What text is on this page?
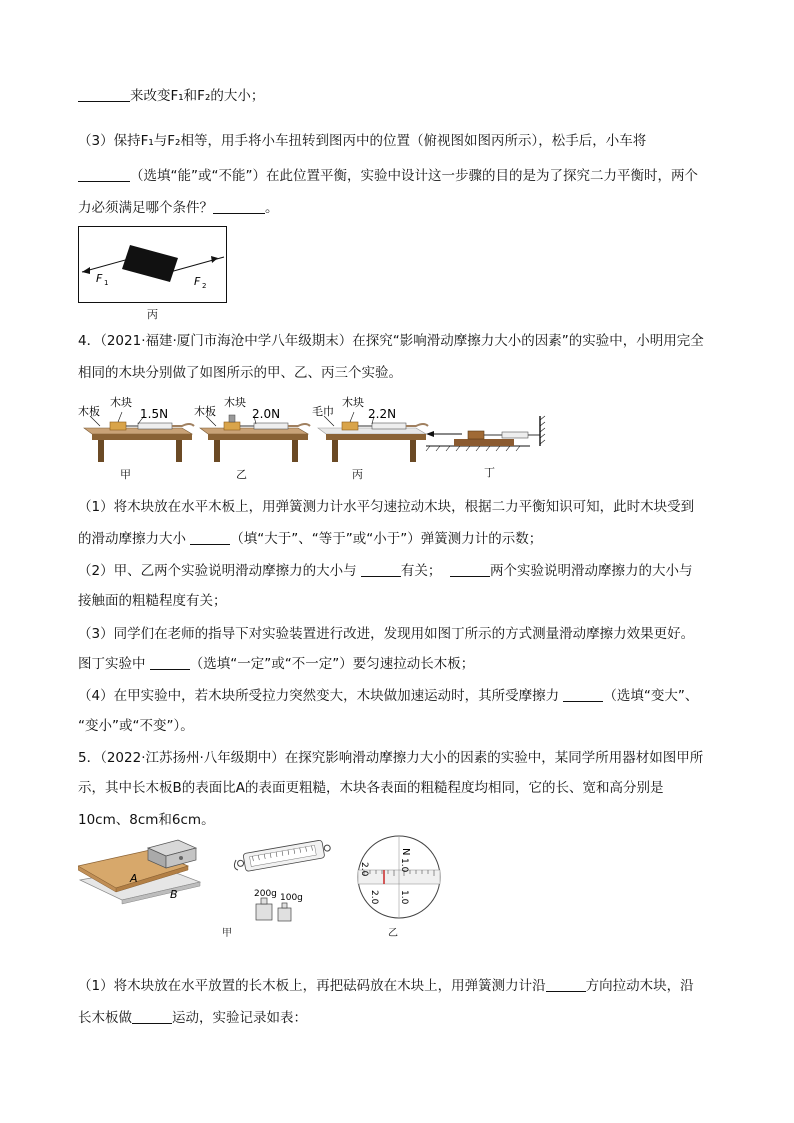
来改变F₁和F₂的大小；
（3）保持F₁与F₂相等，用手将小车扭转到图丙中的位置（俯视图如图丙所示），松手后，小车将
（选填“能”或“不能”）在此位置平衡，实验中设计这一步骤的目的是为了探究二力平衡时，两个
力必须满足哪个条件？	。
F 1	F 2
丙
4．（2021·福建·厦门市海沧中学八年级期末）在探究“影响滑动摩擦力大小的因素”的实验中，小明用完全
相同的木块分别做了如图所示的甲、乙、丙三个实验。
木板
木块
1.5N
甲
木板
木块
2.0N
乙
毛巾
木块
2.2N
丙	丁
（1）将木块放在水平木板上，用弹簧测力计水平匀速拉动木块，根据二力平衡知识可知，此时木块受到
的滑动摩擦力大小	（填“大于”、“等于”或“小于”）弹簧测力计的示数；
（2）甲、乙两个实验说明滑动摩擦力的大小与	有关；	两个实验说明滑动摩擦力的大小与
接触面的粗糙程度有关；
（3）同学们在老师的指导下对实验装置进行改进，发现用如图丁所示的方式测量滑动摩擦力效果更好。
图丁实验中	（选填“一定”或“不一定”）要匀速拉动长木板；
（4）在甲实验中，若木块所受拉力突然变大，木块做加速运动时，其所受摩擦力	（选填“变大”、
“变小”或“不变”）。
5．（2022·江苏扬州·八年级期中）在探究影响滑动摩擦力大小的因素的实验中，某同学所用器材如图甲所
示，其中长木板B的表面比A的表面更粗糙，木块各表面的粗糙程度均相同，它的长、宽和高分别是
10cm、8cm和6cm。
A
B	200g 100g
甲
N
1.0
2.0
2.0 1.0
乙
（1）将木块放在水平放置的长木板上，再把砝码放在木块上，用弹簧测力计沿	方向拉动木块，沿
长木板做	运动，实验记录如表：
